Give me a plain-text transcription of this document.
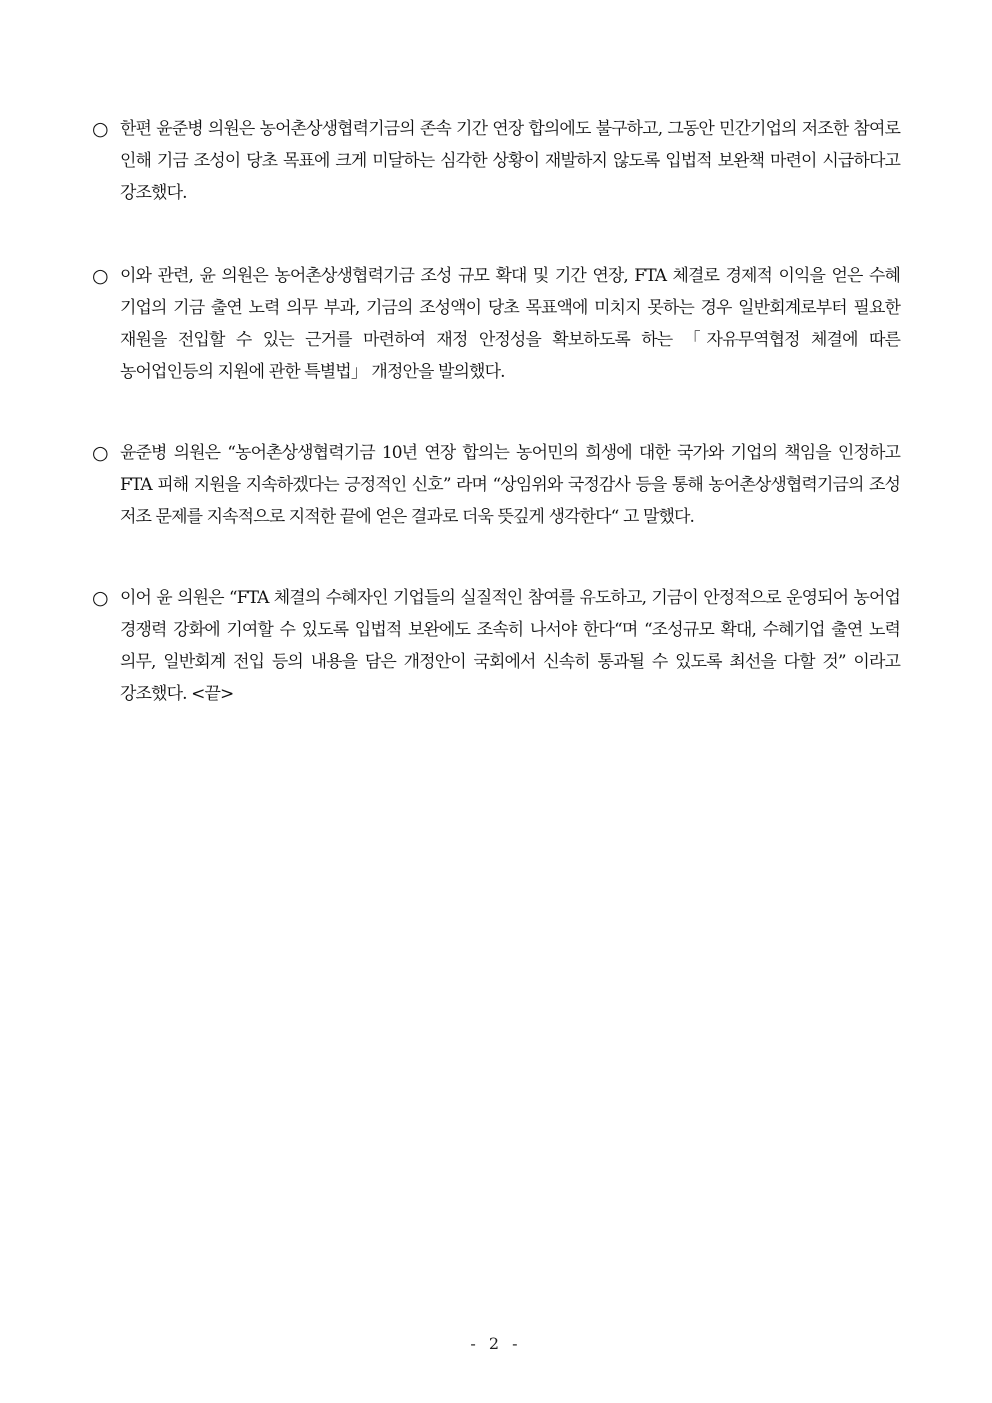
○ 한편 윤준병 의원은 농어촌상생협력기금의 존속 기간 연장 합의에도 불구하고, 그동안 민간기업의 저조한 참여로 인해 기금 조성이 당초 목표에 크게 미달하는 심각한 상황이 재발하지 않도록 입법적 보완책 마련이 시급하다고 강조했다.
○ 이와 관련, 윤 의원은 농어촌상생협력기금 조성 규모 확대 및 기간 연장, FTA 체결로 경제적 이익을 얻은 수혜 기업의 기금 출연 노력 의무 부과, 기금의 조성액이 당초 목표액에 미치지 못하는 경우 일반회계로부터 필요한 재원을 전입할 수 있는 근거를 마련하여 재정 안정성을 확보하도록 하는 「자유무역협정 체결에 따른 농어업인등의 지원에 관한 특별법」 개정안을 발의했다.
○ 윤준병 의원은 “농어촌상생협력기금 10년 연장 합의는 농어민의 희생에 대한 국가와 기업의 책임을 인정하고 FTA 피해 지원을 지속하겠다는 긍정적인 신호” 라며 “상임위와 국정감사 등을 통해 농어촌상생협력기금의 조성 저조 문제를 지속적으로 지적한 끝에 얻은 결과로 더욱 뜻깊게 생각한다“ 고 말했다.
○ 이어 윤 의원은 “FTA 체결의 수혜자인 기업들의 실질적인 참여를 유도하고, 기금이 안정적으로 운영되어 농어업 경쟁력 강화에 기여할 수 있도록 입법적 보완에도 조속히 나서야 한다“며 “조성규모 확대, 수혜기업 출연 노력 의무, 일반회계 전입 등의 내용을 담은 개정안이 국회에서 신속히 통과될 수 있도록 최선을 다할 것” 이라고 강조했다. <끝>
- 2 -
